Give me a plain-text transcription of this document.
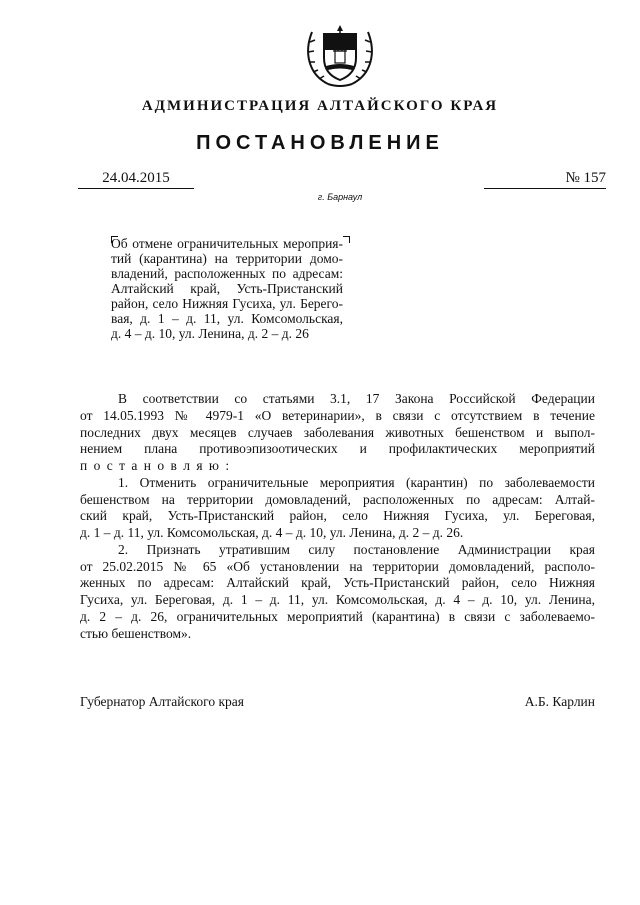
АДМИНИСТРАЦИЯ АЛТАЙСКОГО КРАЯ
ПОСТАНОВЛЕНИЕ
24.04.2015	№ 157
г. Барнаул
Об отмене ограничительных мероприя-
тий (карантина) на территории домо-
владений, расположенных по адресам:
Алтайский край, Усть-Пристанский
район, село Нижняя Гусиха, ул. Берего-
вая, д. 1 – д. 11, ул. Комсомольская,
д. 4 – д. 10, ул. Ленина, д. 2 – д. 26
В соответствии со статьями 3.1, 17 Закона Российской Федерации
от 14.05.1993 № 4979-1 «О ветеринарии», в связи с отсутствием в течение
последних двух месяцев случаев заболевания животных бешенством и выпол-
нением плана противоэпизоотических и профилактических мероприятий
п о с т а н о в л я ю :
1. Отменить ограничительные мероприятия (карантин) по заболеваемости
бешенством на территории домовладений, расположенных по адресам: Алтай-
ский край, Усть-Пристанский район, село Нижняя Гусиха, ул. Береговая,
д. 1 – д. 11, ул. Комсомольская, д. 4 – д. 10, ул. Ленина, д. 2 – д. 26.
2. Признать утратившим силу постановление Администрации края
от 25.02.2015 № 65 «Об установлении на территории домовладений, располо-
женных по адресам: Алтайский край, Усть-Пристанский район, село Нижняя
Гусиха, ул. Береговая, д. 1 – д. 11, ул. Комсомольская, д. 4 – д. 10, ул. Ленина,
д. 2 – д. 26, ограничительных мероприятий (карантина) в связи с заболеваемо-
стью бешенством».
Губернатор Алтайского края	А.Б. Карлин
